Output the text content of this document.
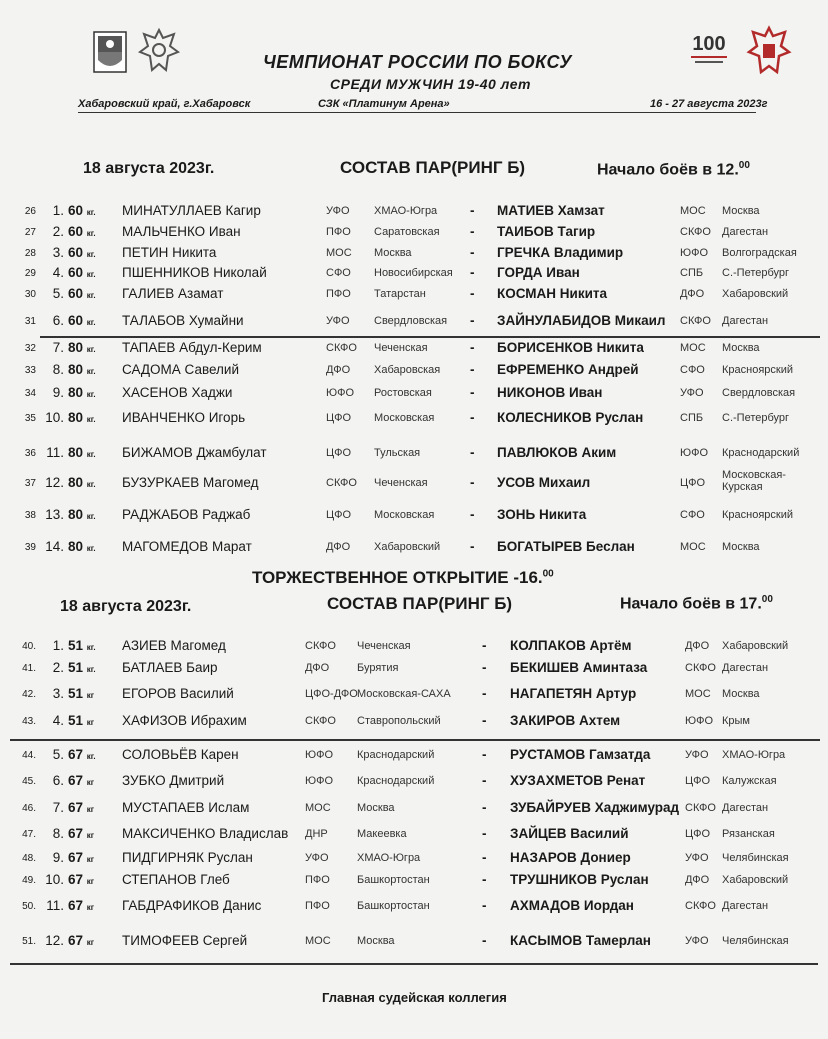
100
ЧЕМПИОНАТ РОССИИ ПО БОКСУ
СРЕДИ МУЖЧИН 19-40 лет
Хабаровский край, г.Хабаровск	СЗК «Платинум Арена»	16 - 27 августа 2023г
18 августа 2023г.	СОСТАВ ПАР(РИНГ Б)	Начало боёв в 12.00
26	1. 60 кг.	МИНАТУЛЛАЕВ Кагир	УФО ХМАО-Югра - МАТИЕВ Хамзат	МОС Москва
27	2. 60 кг.	МАЛЬЧЕНКО Иван	ПФО Саратовская - ТАИБОВ Тагир	СКФО Дагестан
28	3. 60 кг.	ПЕТИН Никита	МОС Москва	- ГРЕЧКА Владимир	ЮФО Волгоградская
29	4. 60 кг.	ПШЕННИКОВ Николай	СФО Новосибирская - ГОРДА Иван	СПБ С.-Петербург
30	5. 60 кг.	ГАЛИЕВ Азамат	ПФО Татарстан	- КОСМАН Никита	ДФО Хабаровский
31	6. 60 кг.	ТАЛАБОВ Хумайни	УФО Свердловская - ЗАЙНУЛАБИДОВ Микаил СКФО Дагестан
32	7. 80 кг.	ТАПАЕВ Абдул-Керим	СКФО Чеченская	- БОРИСЕНКОВ Никита	МОС Москва
33	8. 80 кг.	САДОМА Савелий	ДФО Хабаровская - ЕФРЕМЕНКО Андрей	СФО Красноярский
34	9. 80 кг.	ХАСЕНОВ Хаджи	ЮФО Ростовская	- НИКОНОВ Иван	УФО Свердловская
35 10. 80 кг.	ИВАНЧЕНКО Игорь	ЦФО Московская	- КОЛЕСНИКОВ Руслан	СПБ С.-Петербург
36 11. 80 кг.	БИЖАМОВ Джамбулат	ЦФО Тульская	- ПАВЛЮКОВ Аким	ЮФО Краснодарский
37 12. 80 кг.	БУЗУРКАЕВ Магомед	СКФО Чеченская	- УСОВ Михаил	ЦФО
Московская-Курская
38 13. 80 кг.	РАДЖАБОВ Раджаб	ЦФО Московская	- ЗОНЬ Никита	СФО Красноярский
39 14. 80 кг.	МАГОМЕДОВ Марат	ДФО Хабаровский - БОГАТЫРЕВ Беслан	МОС Москва
ТОРЖЕСТВЕННОЕ ОТКРЫТИЕ -16.00
18 августа 2023г.	СОСТАВ ПАР(РИНГ Б)	Начало боёв в 17.00
40.	1. 51 кг.	АЗИЕВ Магомед	СКФО Чеченская	- КОЛПАКОВ Артём	ДФО Хабаровский
41.	2. 51 кг.	БАТЛАЕВ Баир	ДФО	Бурятия	- БЕКИШЕВ Аминтаза	СКФО Дагестан
42.	3. 51 кг	ЕГОРОВ Василий	ЦФО-ДФО Московская-САХА - НАГАПЕТЯН Артур	МОС Москва
43.	4. 51 кг	ХАФИЗОВ Ибрахим	СКФО Ставропольский	- ЗАКИРОВ Ахтем	ЮФО Крым
44.	5. 67 кг.	СОЛОВЬЁВ Карен	ЮФО Краснодарский	- РУСТАМОВ Гамзатда	УФО ХМАО-Югра
45.	6. 67 кг	ЗУБКО Дмитрий	ЮФО Краснодарский	- ХУЗАХМЕТОВ Ренат	ЦФО Калужская
46.	7. 67 кг	МУСТАПАЕВ Ислам	МОС Москва	- ЗУБАЙРУЕВ Хаджимурад СКФО Дагестан
47.	8. 67 кг	МАКСИЧЕНКО Владислав ДНР	Макеевка	- ЗАЙЦЕВ Василий	ЦФО Рязанская
48.	9. 67 кг	ПИДГИРНЯК Руслан	УФО	ХМАО-Югра	- НАЗАРОВ Дониер	УФО Челябинская
49. 10. 67 кг	СТЕПАНОВ Глеб	ПФО Башкортостан	- ТРУШНИКОВ Руслан	ДФО Хабаровский
50. 11. 67 кг	ГАБДРАФИКОВ Данис	ПФО Башкортостан	- АХМАДОВ Иордан	СКФО Дагестан
51. 12. 67 кг	ТИМОФЕЕВ Сергей	МОС Москва	- КАСЫМОВ Тамерлан	УФО Челябинская
Главная судейская коллегия
